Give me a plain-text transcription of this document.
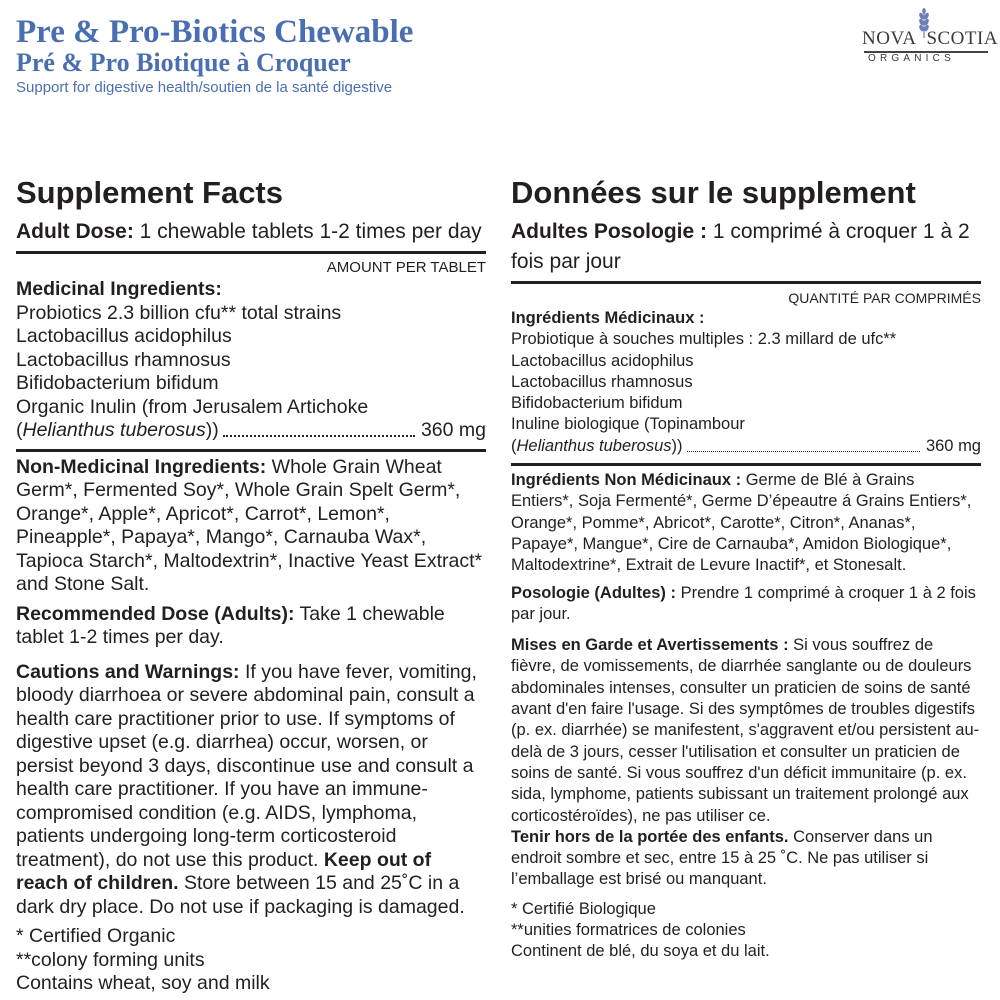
Pre & Pro-Biotics Chewable
Pré & Pro Biotique à Croquer
Support for digestive health/soutien de la santé digestive
NOVA SCOTIA
ORGANICS
Supplement Facts
Adult Dose: 1 chewable tablets 1-2 times per day
AMOUNT PER TABLET
Medicinal Ingredients:
Probiotics 2.3 billion cfu** total strains
Lactobacillus acidophilus
Lactobacillus rhamnosus
Bifidobacterium bifidum
Organic Inulin (from Jerusalem Artichoke
(Helianthus tuberosus))	360 mg
Non-Medicinal Ingredients: Whole Grain Wheat Germ*, Fermented Soy*, Whole Grain Spelt Germ*, Orange*, Apple*, Apricot*, Carrot*, Lemon*, Pineapple*, Papaya*, Mango*, Carnauba Wax*, Tapioca Starch*, Maltodextrin*, Inactive Yeast Extract* and Stone Salt.
Recommended Dose (Adults): Take 1 chewable tablet 1-2 times per day.
Cautions and Warnings: If you have fever, vomiting, bloody diarrhoea or severe abdominal pain, consult a health care practitioner prior to use. If symptoms of digestive upset (e.g. diarrhea) occur, worsen, or persist beyond 3 days, discontinue use and consult a health care practitioner. If you have an immune-compromised condition (e.g. AIDS, lymphoma, patients undergoing long-term corticosteroid treatment), do not use this product. Keep out of reach of children. Store between 15 and 25˚C in a dark dry place. Do not use if packaging is damaged.
* Certified Organic
**colony forming units
Contains wheat, soy and milk
Données sur le supplement
Adultes Posologie : 1 comprimé à croquer 1 à 2 fois par jour
QUANTITÉ PAR COMPRIMÉS
Ingrédients Médicinaux :
Probiotique à souches multiples : 2.3 millard de ufc**
Lactobacillus acidophilus
Lactobacillus rhamnosus
Bifidobacterium bifidum
Inuline biologique (Topinambour
(Helianthus tuberosus))	360 mg
Ingrédients Non Médicinaux : Germe de Blé à Grains Entiers*, Soja Fermenté*, Germe D’épeautre á Grains Entiers*, Orange*, Pomme*, Abricot*, Carotte*, Citron*, Ananas*, Papaye*, Mangue*, Cire de Carnauba*, Amidon Biologique*, Maltodextrine*, Extrait de Levure Inactif*, et Stonesalt.
Posologie (Adultes) : Prendre 1 comprimé à croquer 1 à 2 fois par jour.
Mises en Garde et Avertissements : Si vous souffrez de fièvre, de vomissements, de diarrhée sanglante ou de douleurs abdominales intenses, consulter un praticien de soins de santé avant d'en faire l'usage. Si des symptômes de troubles digestifs (p. ex. diarrhée) se manifestent, s'aggravent et/ou persistent au-delà de 3 jours, cesser l'utilisation et consulter un praticien de soins de santé. Si vous souffrez d'un déficit immunitaire (p. ex. sida, lymphome, patients subissant un traitement prolongé aux corticostéroïdes), ne pas utiliser ce.
Tenir hors de la portée des enfants. Conserver dans un endroit sombre et sec, entre 15 à 25 ˚C. Ne pas utiliser si l’emballage est brisé ou manquant.
* Certifié Biologique
**unities formatrices de colonies
Continent de blé, du soya et du lait.
